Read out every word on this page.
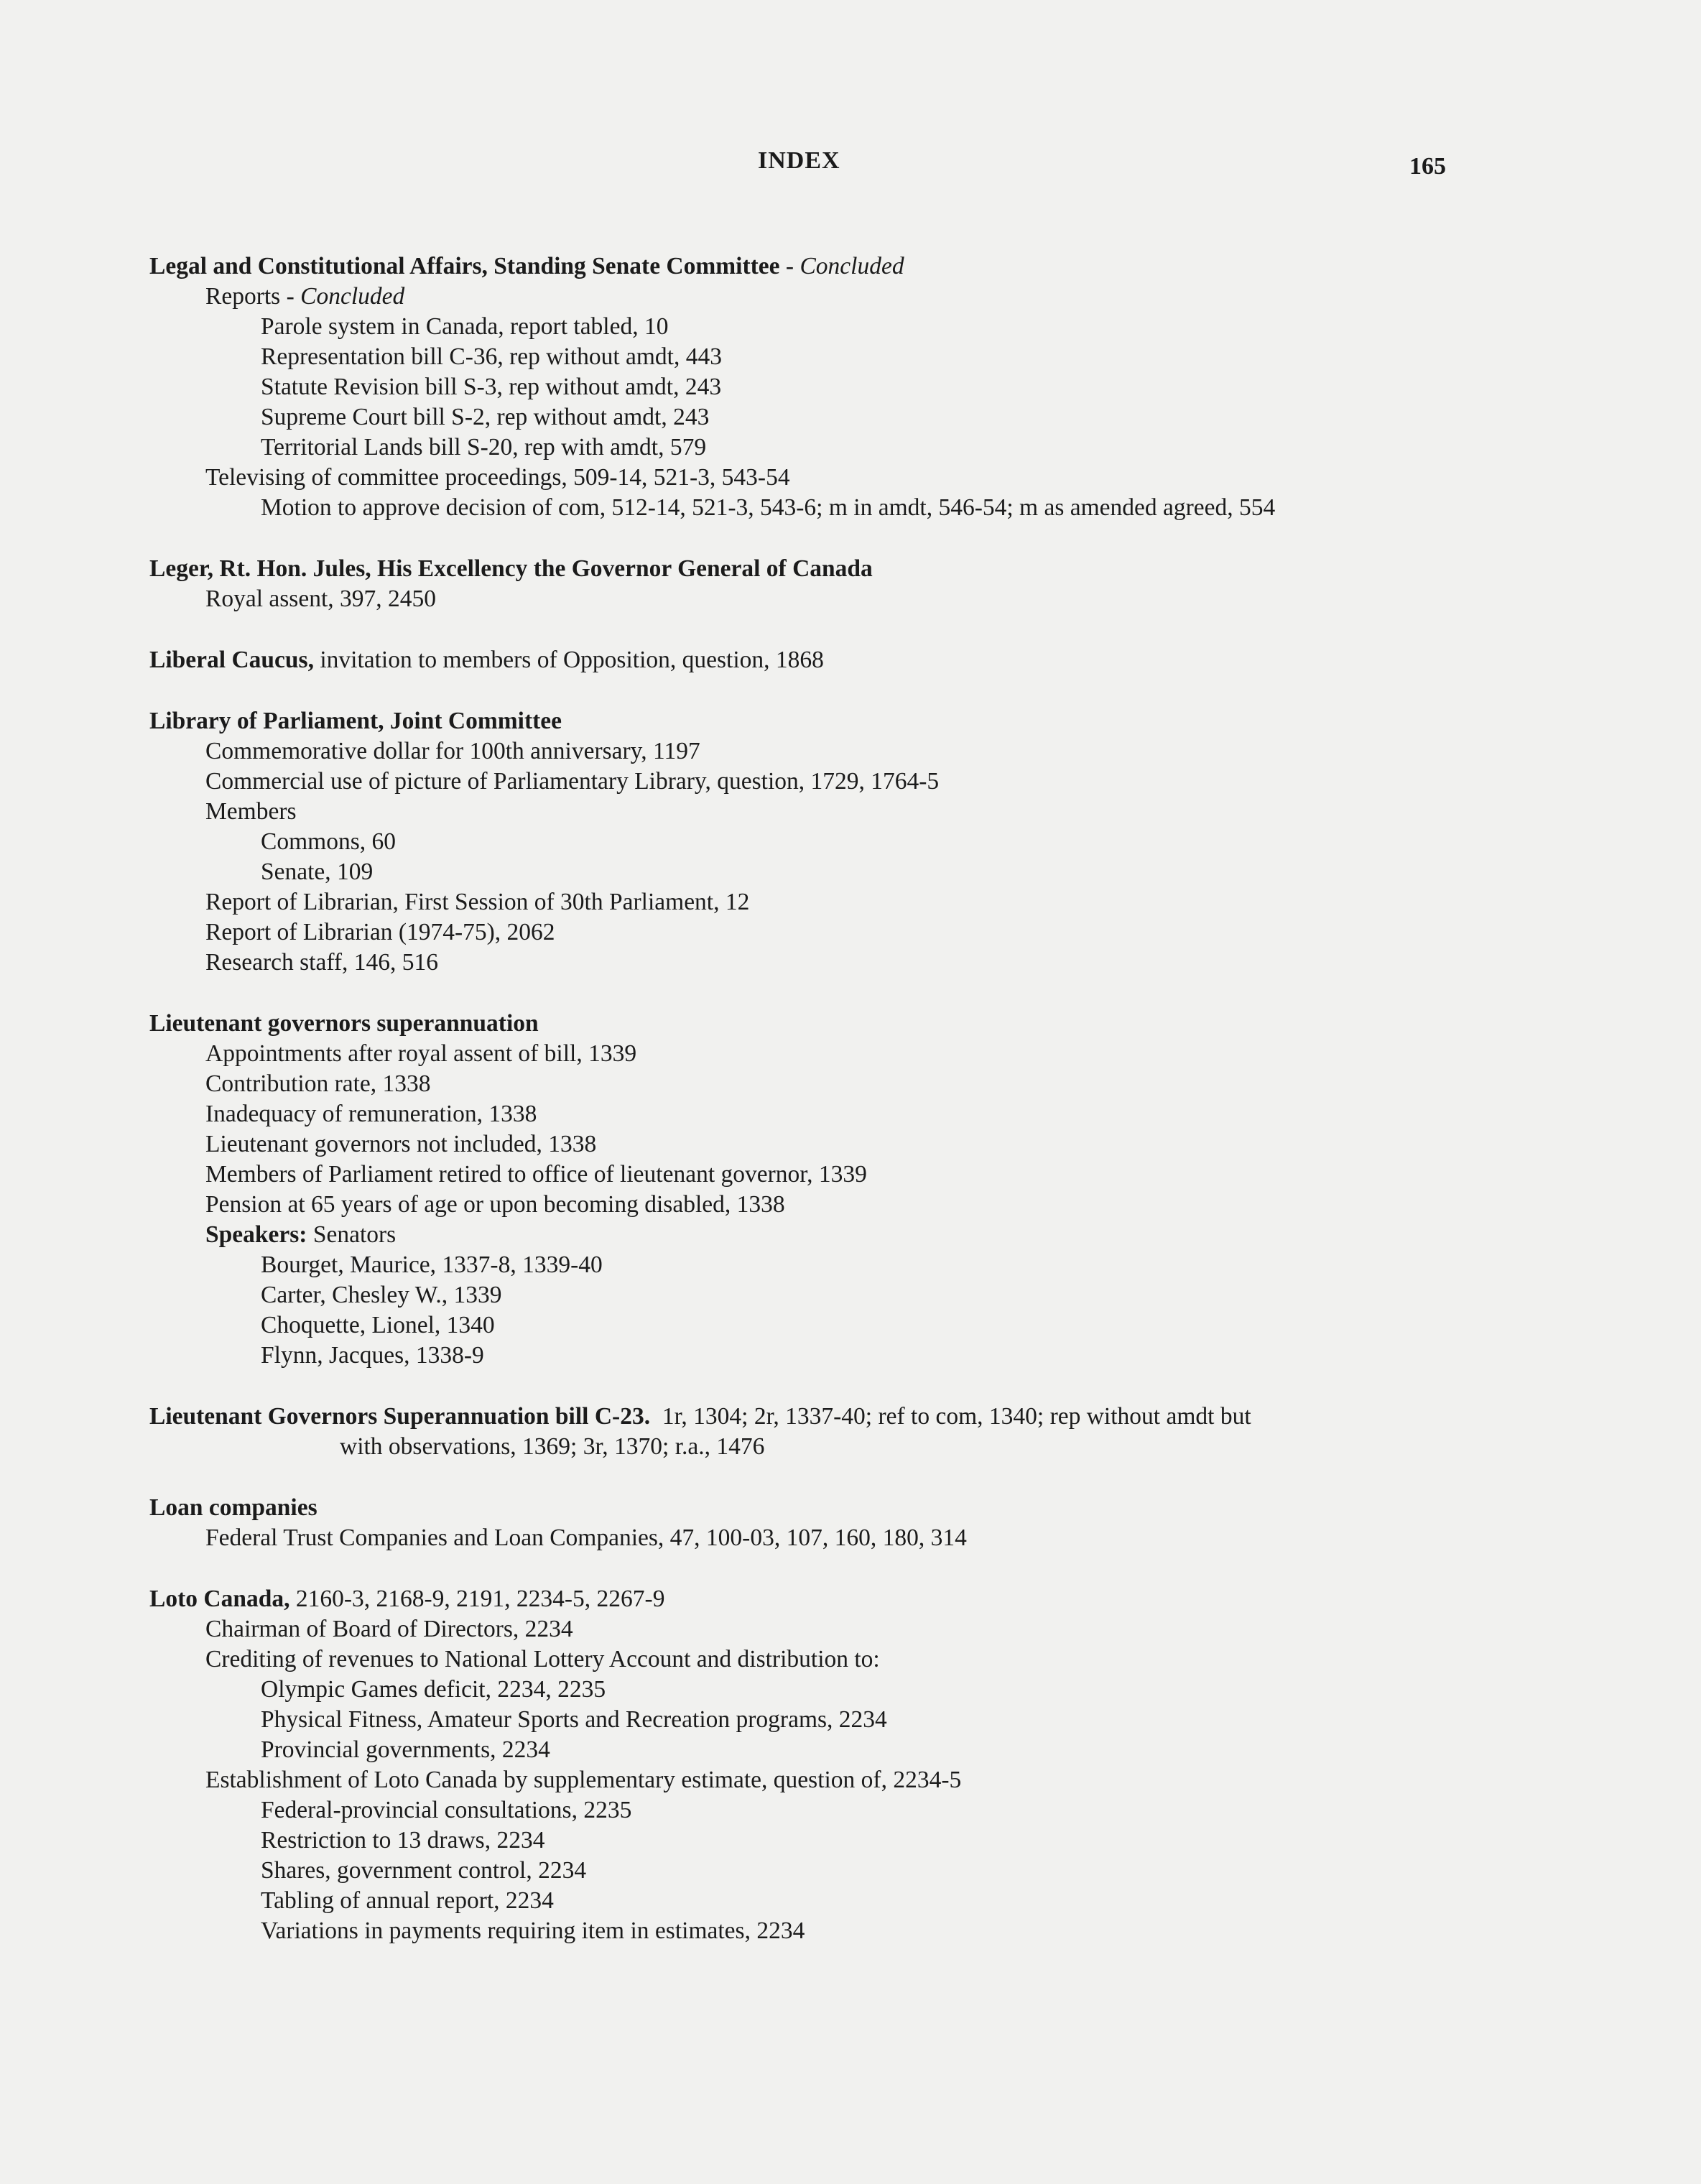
INDEX	165
Legal and Constitutional Affairs, Standing Senate Committee - Concluded
Reports - Concluded
Parole system in Canada, report tabled, 10
Representation bill C-36, rep without amdt, 443
Statute Revision bill S-3, rep without amdt, 243
Supreme Court bill S-2, rep without amdt, 243
Territorial Lands bill S-20, rep with amdt, 579
Televising of committee proceedings, 509-14, 521-3, 543-54
Motion to approve decision of com, 512-14, 521-3, 543-6; m in amdt, 546-54; m as amended agreed, 554
Leger, Rt. Hon. Jules, His Excellency the Governor General of Canada
Royal assent, 397, 2450
Liberal Caucus, invitation to members of Opposition, question, 1868
Library of Parliament, Joint Committee
Commemorative dollar for 100th anniversary, 1197
Commercial use of picture of Parliamentary Library, question, 1729, 1764-5
Members
Commons, 60
Senate, 109
Report of Librarian, First Session of 30th Parliament, 12
Report of Librarian (1974-75), 2062
Research staff, 146, 516
Lieutenant governors superannuation
Appointments after royal assent of bill, 1339
Contribution rate, 1338
Inadequacy of remuneration, 1338
Lieutenant governors not included, 1338
Members of Parliament retired to office of lieutenant governor, 1339
Pension at 65 years of age or upon becoming disabled, 1338
Speakers: Senators
Bourget, Maurice, 1337-8, 1339-40
Carter, Chesley W., 1339
Choquette, Lionel, 1340
Flynn, Jacques, 1338-9
Lieutenant Governors Superannuation bill C-23.  1r, 1304; 2r, 1337-40; ref to com, 1340; rep without amdt but
with observations, 1369; 3r, 1370; r.a., 1476
Loan companies
Federal Trust Companies and Loan Companies, 47, 100-03, 107, 160, 180, 314
Loto Canada, 2160-3, 2168-9, 2191, 2234-5, 2267-9
Chairman of Board of Directors, 2234
Crediting of revenues to National Lottery Account and distribution to:
Olympic Games deficit, 2234, 2235
Physical Fitness, Amateur Sports and Recreation programs, 2234
Provincial governments, 2234
Establishment of Loto Canada by supplementary estimate, question of, 2234-5
Federal-provincial consultations, 2235
Restriction to 13 draws, 2234
Shares, government control, 2234
Tabling of annual report, 2234
Variations in payments requiring item in estimates, 2234
